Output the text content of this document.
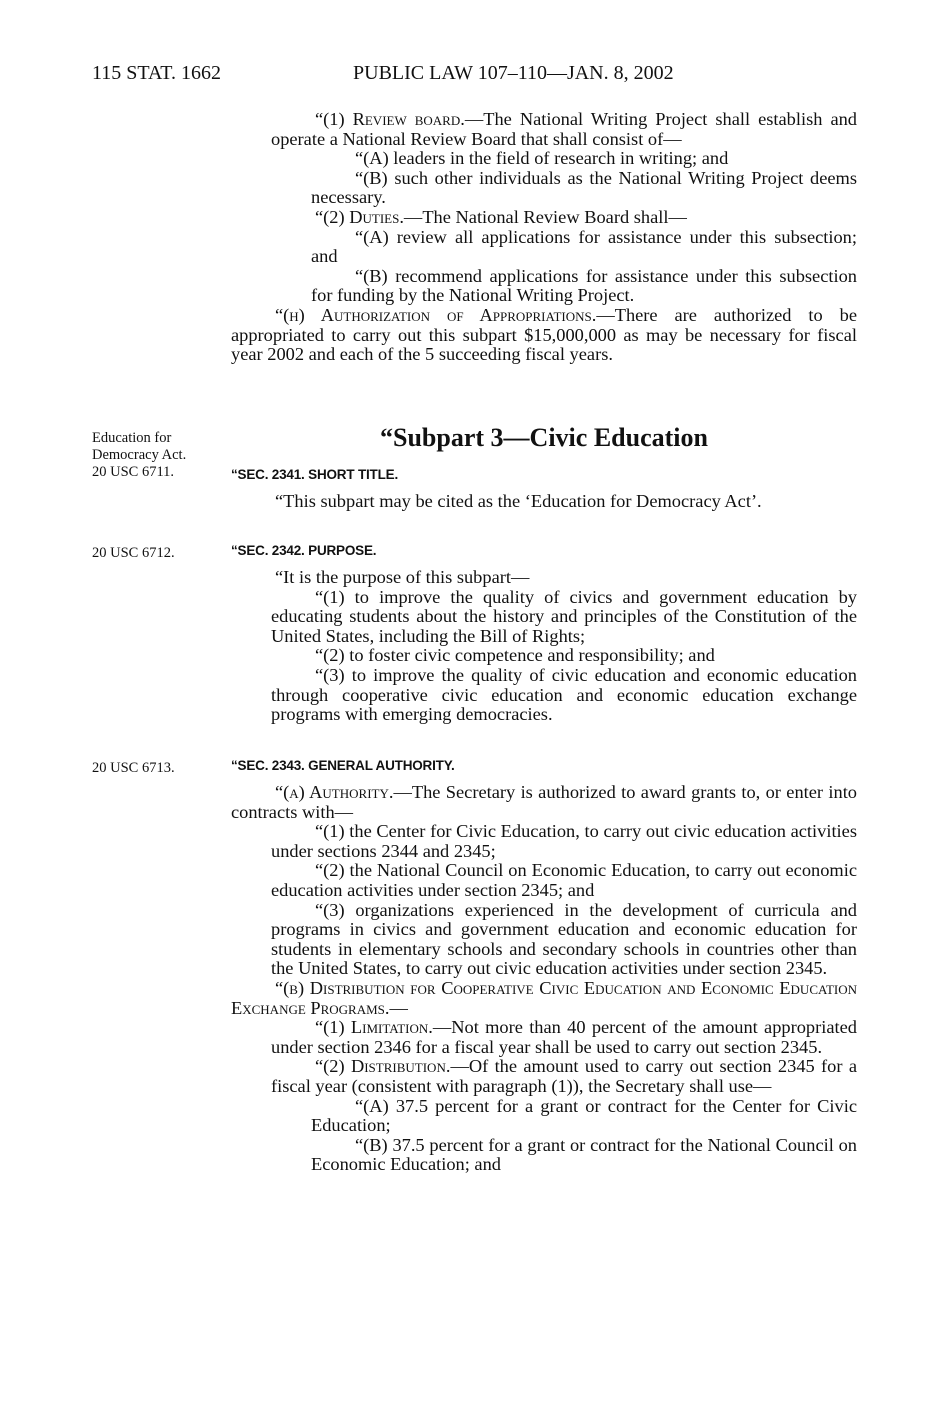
115 STAT. 1662	PUBLIC LAW 107–110—JAN. 8, 2002

“(1) Review board.—The National Writing Project shall establish and operate a National Review Board that shall consist of—

“(A) leaders in the field of research in writing; and

“(B) such other individuals as the National Writing Project deems necessary.

“(2) Duties.—The National Review Board shall—

“(A) review all applications for assistance under this subsection; and

“(B) recommend applications for assistance under this subsection for funding by the National Writing Project.

“(h) Authorization of Appropriations.—There are authorized to be appropriated to carry out this subpart $15,000,000 as may be necessary for fiscal year 2002 and each of the 5 succeeding fiscal years.

“Subpart 3—Civic Education
Education for
Democracy Act.
20 USC 6711.
20 USC 6712.
20 USC 6713.
“SEC. 2341. SHORT TITLE.

“This subpart may be cited as the ‘Education for Democracy Act’.

“SEC. 2342. PURPOSE.

“It is the purpose of this subpart—

“(1) to improve the quality of civics and government education by educating students about the history and principles of the Constitution of the United States, including the Bill of Rights;

“(2) to foster civic competence and responsibility; and

“(3) to improve the quality of civic education and economic education through cooperative civic education and economic education exchange programs with emerging democracies.

“SEC. 2343. GENERAL AUTHORITY.

“(a) Authority.—The Secretary is authorized to award grants to, or enter into contracts with—

“(1) the Center for Civic Education, to carry out civic education activities under sections 2344 and 2345;

“(2) the National Council on Economic Education, to carry out economic education activities under section 2345; and

“(3) organizations experienced in the development of curricula and programs in civics and government education and economic education for students in elementary schools and secondary schools in countries other than the United States, to carry out civic education activities under section 2345.

“(b) Distribution for Cooperative Civic Education and Economic Education Exchange Programs.—

“(1) Limitation.—Not more than 40 percent of the amount appropriated under section 2346 for a fiscal year shall be used to carry out section 2345.

“(2) Distribution.—Of the amount used to carry out section 2345 for a fiscal year (consistent with paragraph (1)), the Secretary shall use—

“(A) 37.5 percent for a grant or contract for the Center for Civic Education;

“(B) 37.5 percent for a grant or contract for the National Council on Economic Education; and
